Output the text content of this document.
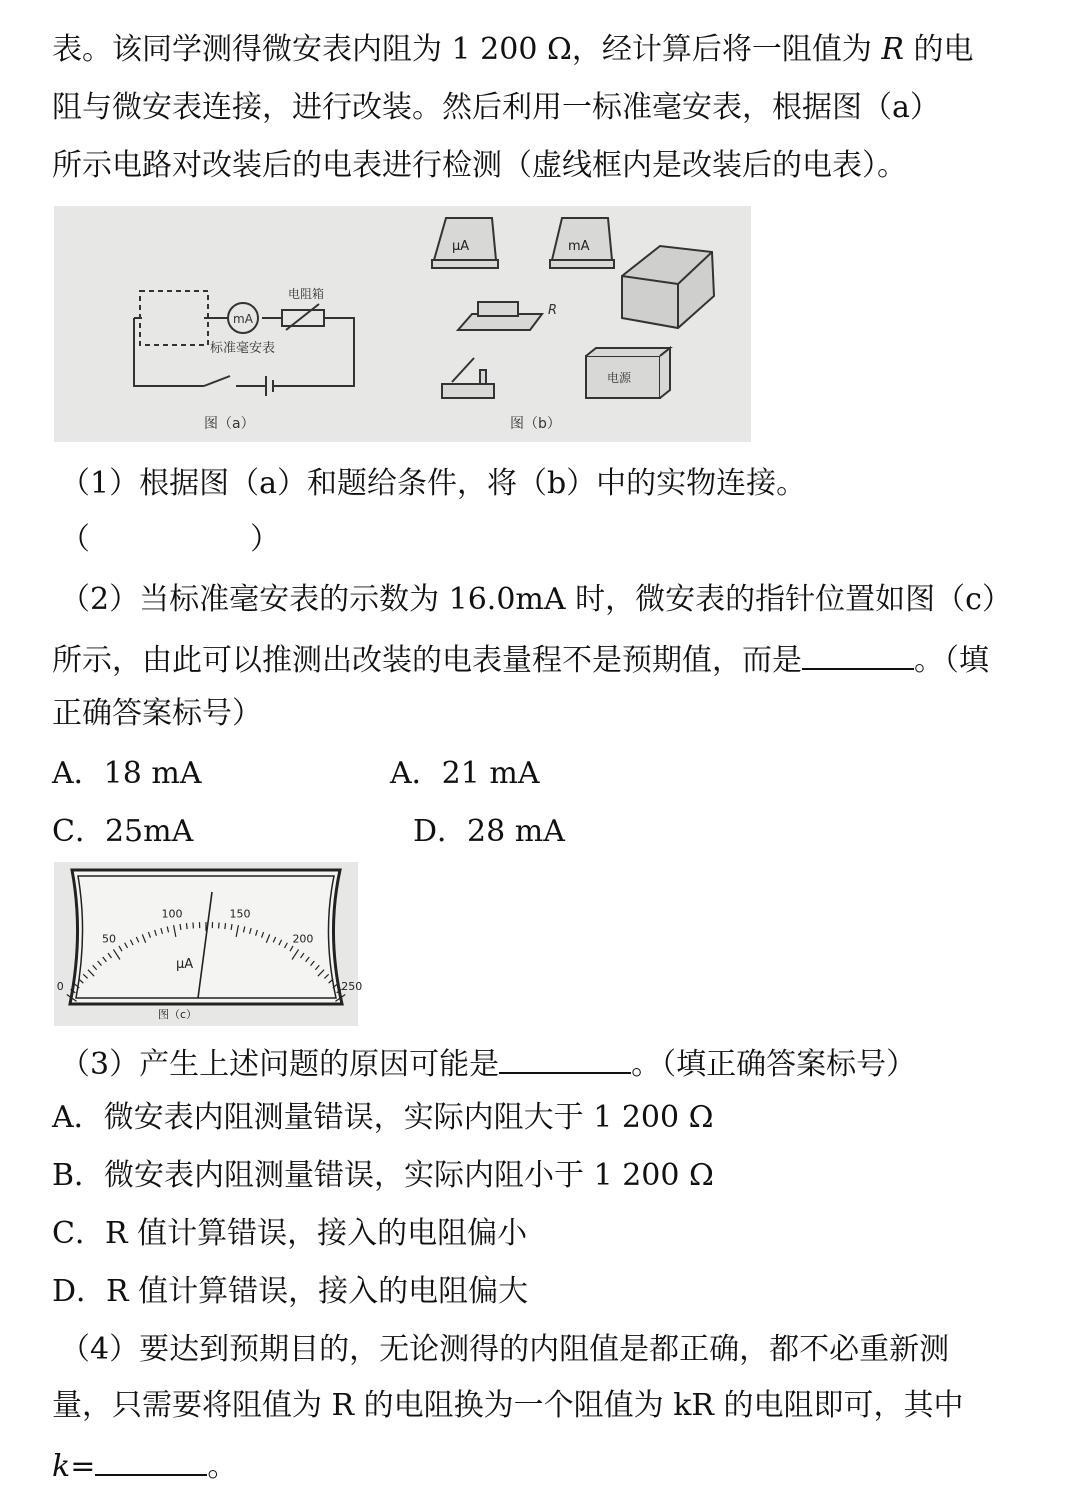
表。该同学测得微安表内阻为 1 200 Ω，经计算后将一阻值为 R 的电
阻与微安表连接，进行改装。然后利用一标准毫安表，根据图（a）
所示电路对改装后的电表进行检测（虚线框内是改装后的电表）。
mA
电阻箱
标准毫安表
图（a）
μA	mA
R
电源
图（b）
（1）根据图（a）和题给条件，将（b）中的实物连接。
（	）
（2）当标准毫安表的示数为 16.0mA 时，微安表的指针位置如图（c）
所示，由此可以推测出改装的电表量程不是预期值，而是	。（填
正确答案标号）
A．18 mA	A．21 mA
C．25mA	D．28 mA
0
50
100	150
200
250
μA
图（c）
（3）产生上述问题的原因可能是	。（填正确答案标号）
A．微安表内阻测量错误，实际内阻大于 1 200 Ω
B．微安表内阻测量错误，实际内阻小于 1 200 Ω
C．R 值计算错误，接入的电阻偏小
D．R 值计算错误，接入的电阻偏大
（4）要达到预期目的，无论测得的内阻值是都正确，都不必重新测
量，只需要将阻值为 R 的电阻换为一个阻值为 kR 的电阻即可，其中
k=	。
